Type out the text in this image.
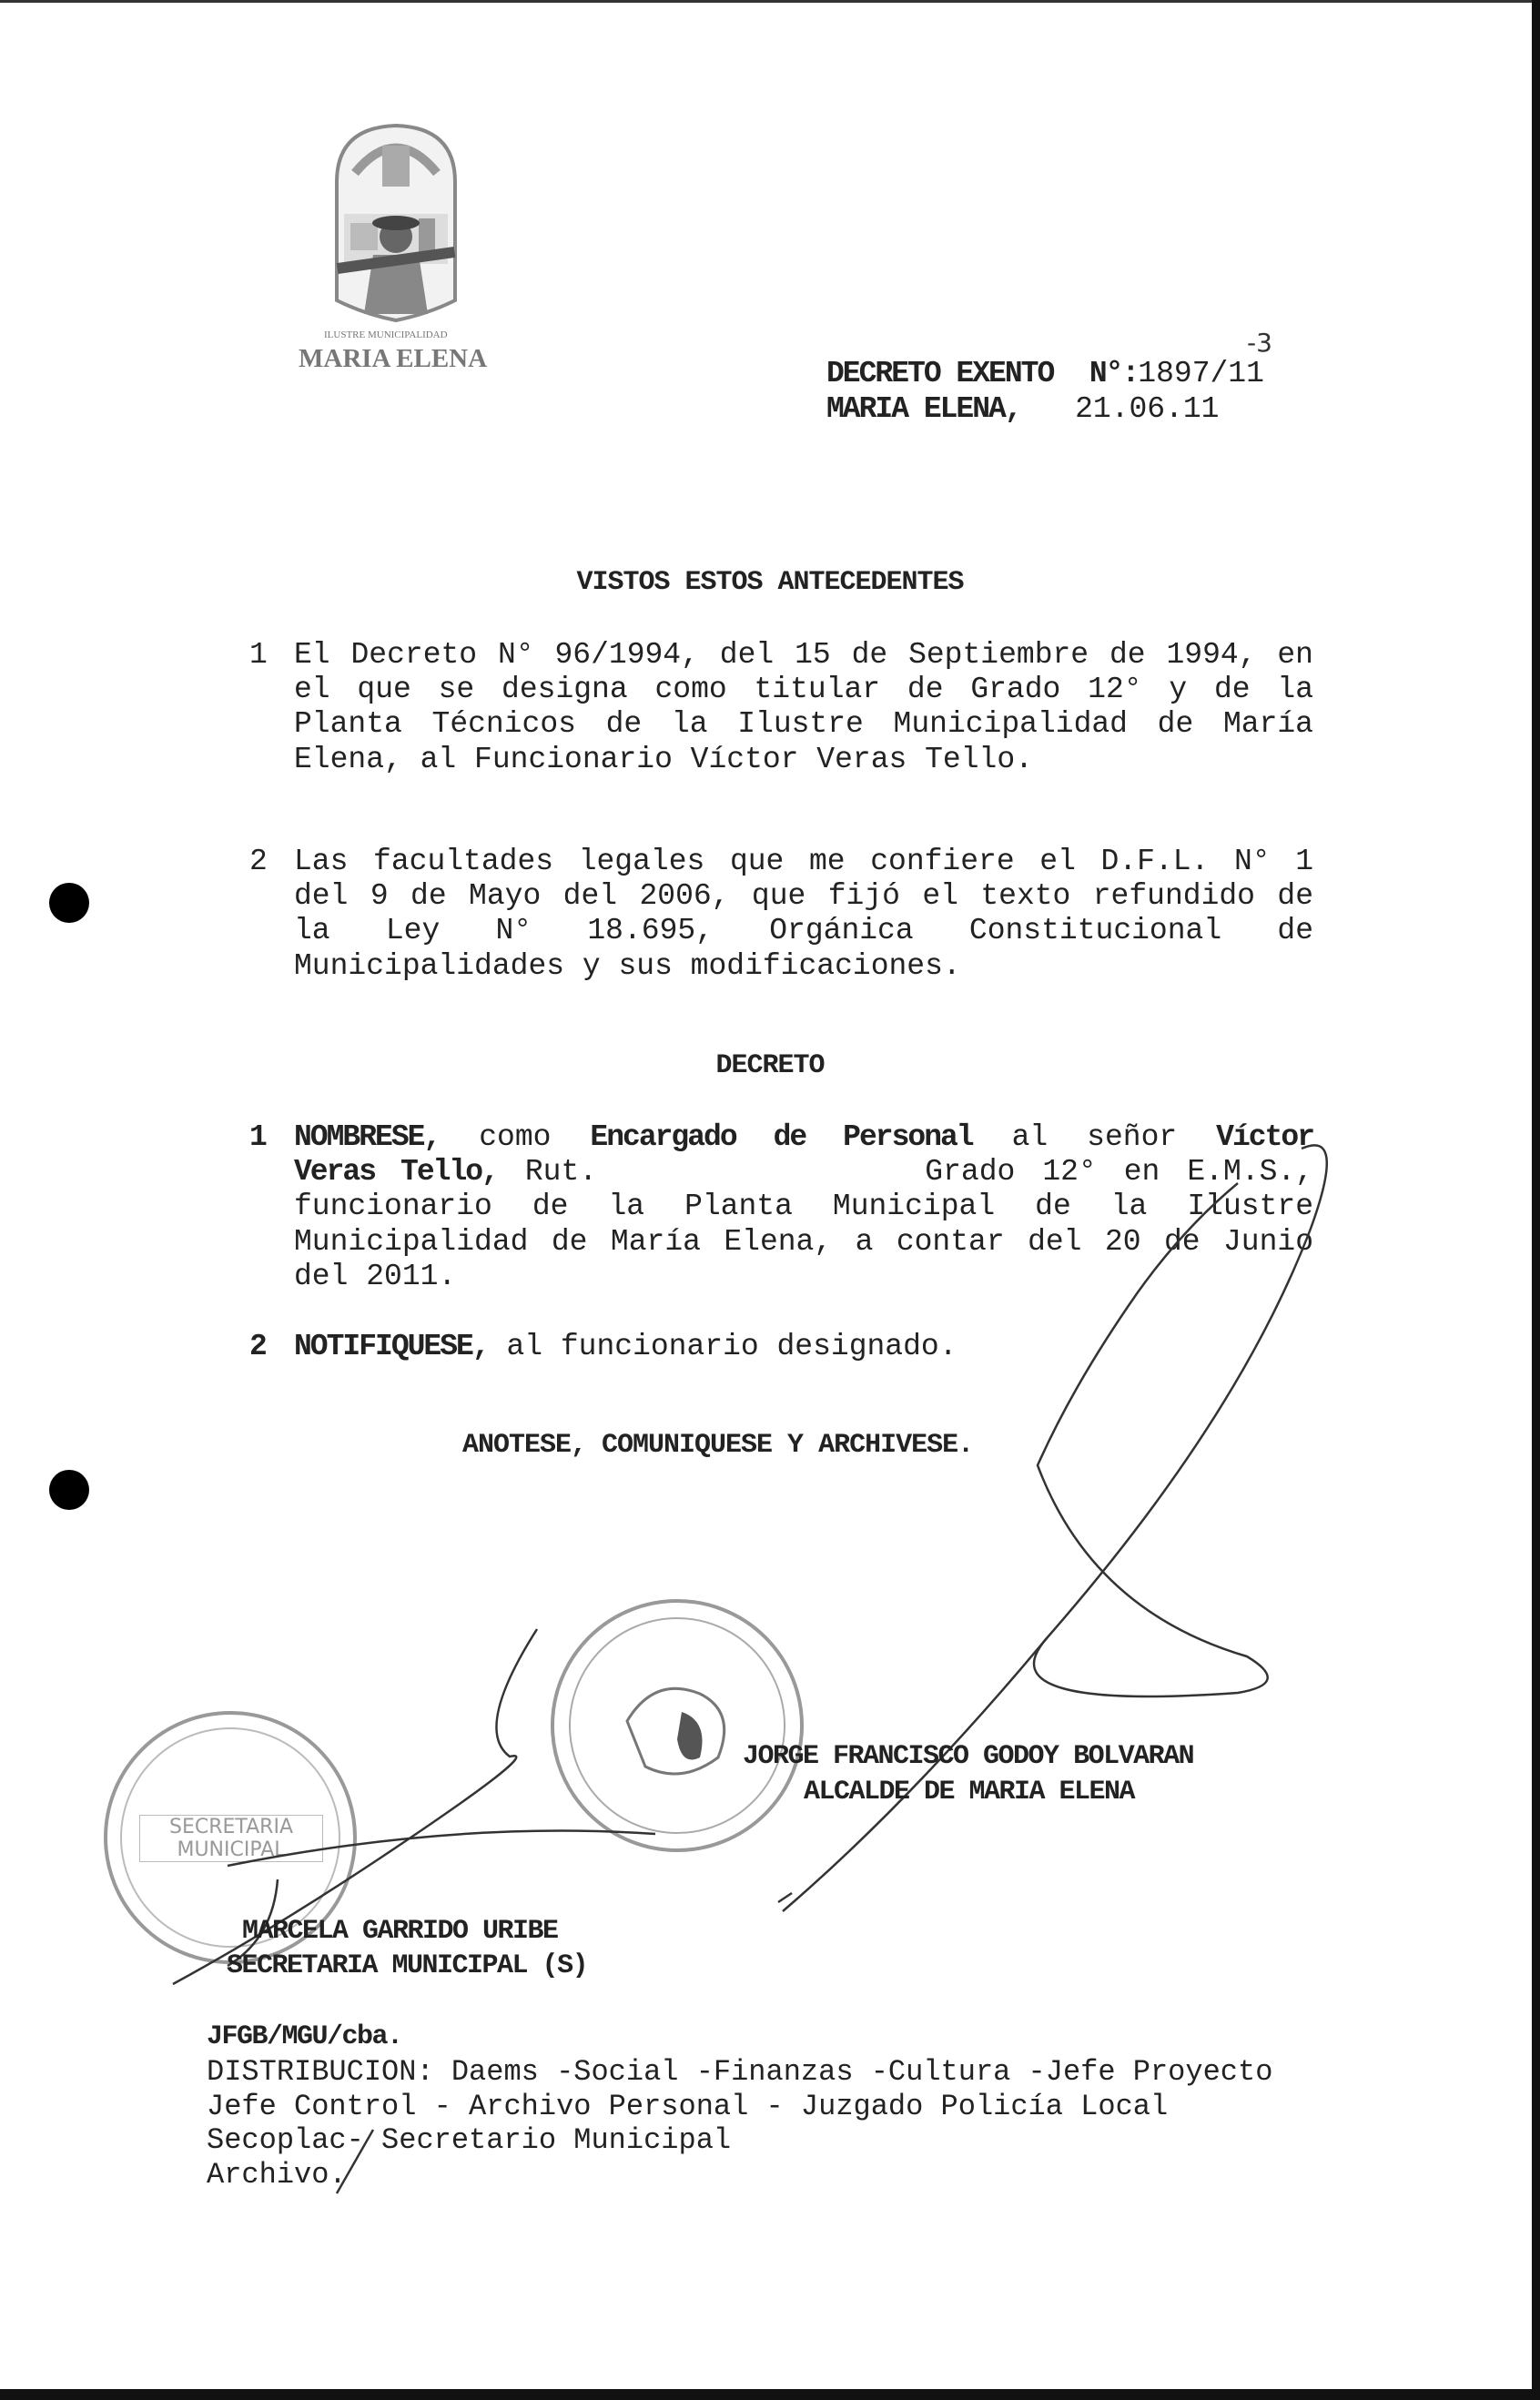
ILUSTRE MUNICIPALIDAD
MARIA ELENA
-3
DECRETO EXENTO N°:1897/11
MARIA ELENA, 21.06.11
VISTOS ESTOS ANTECEDENTES
1 El Decreto N° 96/1994, del 15 de Septiembre de 1994, en
el que se designa como titular de Grado 12° y de la
Planta Técnicos de la Ilustre Municipalidad de María
Elena, al Funcionario Víctor Veras Tello.
2 Las facultades legales que me confiere el D.F.L. N° 1
del 9 de Mayo del 2006, que fijó el texto refundido de
la Ley N° 18.695, Orgánica Constitucional de
Municipalidades y sus modificaciones.
DECRETO
1 NOMBRESE, como Encargado de Personal al señor Víctor
Veras Tello, Rut.            Grado 12° en E.M.S.,
funcionario de la Planta Municipal de la Ilustre
Municipalidad de María Elena, a contar del 20 de Junio
del 2011.
2 NOTIFIQUESE, al funcionario designado.
ANOTESE, COMUNIQUESE Y ARCHIVESE.
SECRETARIA
MUNICIPAL
JORGE FRANCISCO GODOY BOLVARAN
ALCALDE DE MARIA ELENA
MARCELA GARRIDO URIBE
SECRETARIA MUNICIPAL (S)
JFGB/MGU/cba.
DISTRIBUCION: Daems -Social -Finanzas -Cultura -Jefe Proyecto
Jefe Control - Archivo Personal - Juzgado Policía Local
Secoplac- Secretario Municipal
Archivo.
